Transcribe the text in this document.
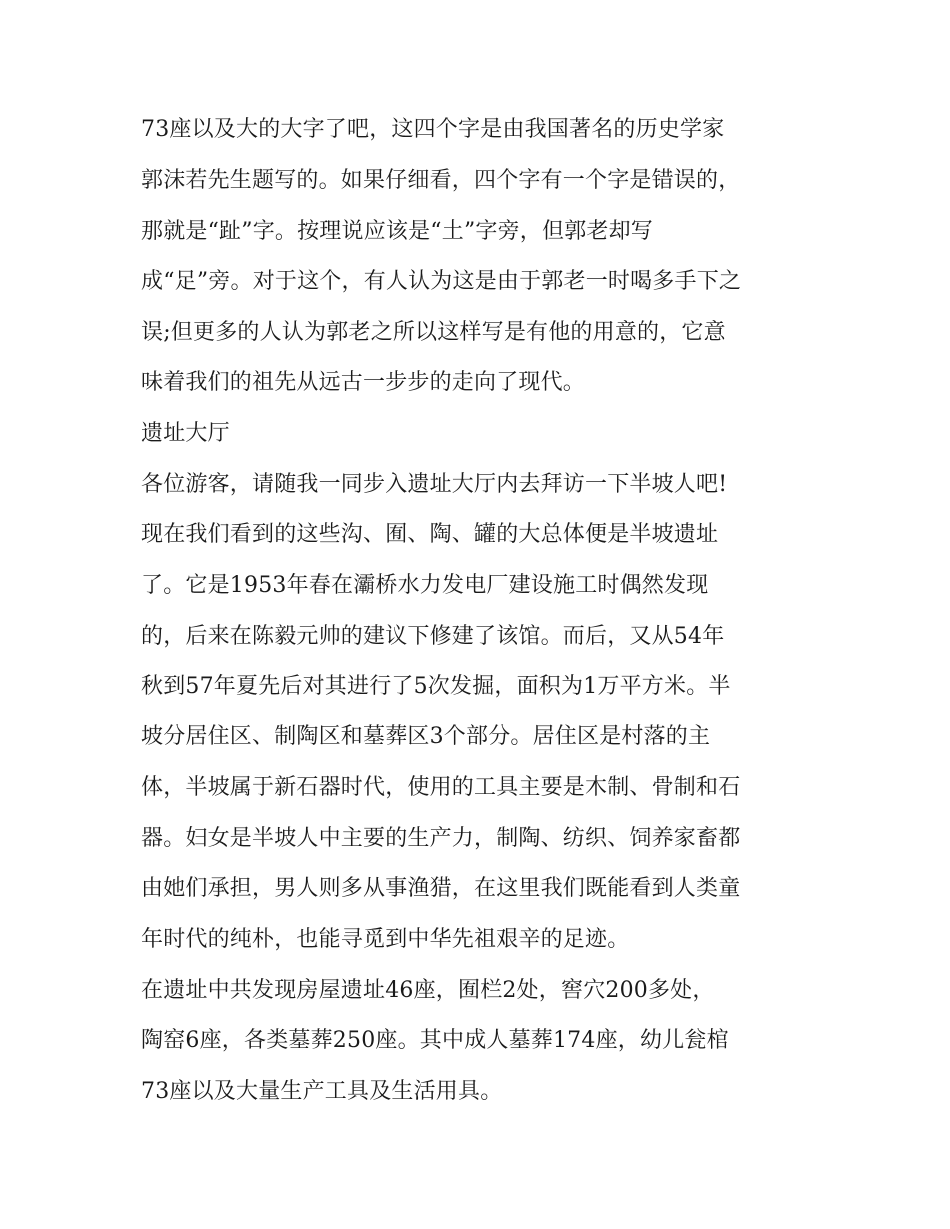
73座以及大的大字了吧，这四个字是由我国著名的历史学家
郭沫若先生题写的。如果仔细看，四个字有一个字是错误的，
那就是“趾”字。按理说应该是“土”字旁，但郭老却写
成“足”旁。对于这个，有人认为这是由于郭老一时喝多手下之
误;但更多的人认为郭老之所以这样写是有他的用意的，它意
味着我们的祖先从远古一步步的走向了现代。
遗址大厅
各位游客，请随我一同步入遗址大厅内去拜访一下半坡人吧!
现在我们看到的这些沟、囿、陶、罐的大总体便是半坡遗址
了。它是1953年春在灞桥水力发电厂建设施工时偶然发现
的，后来在陈毅元帅的建议下修建了该馆。而后，又从54年
秋到57年夏先后对其进行了5次发掘，面积为1万平方米。半
坡分居住区、制陶区和墓葬区3个部分。居住区是村落的主
体，半坡属于新石器时代，使用的工具主要是木制、骨制和石
器。妇女是半坡人中主要的生产力，制陶、纺织、饲养家畜都
由她们承担，男人则多从事渔猎，在这里我们既能看到人类童
年时代的纯朴，也能寻觅到中华先祖艰辛的足迹。
在遗址中共发现房屋遗址46座，囿栏2处，窖穴200多处，
陶窑6座，各类墓葬250座。其中成人墓葬174座，幼儿瓮棺
73座以及大量生产工具及生活用具。
